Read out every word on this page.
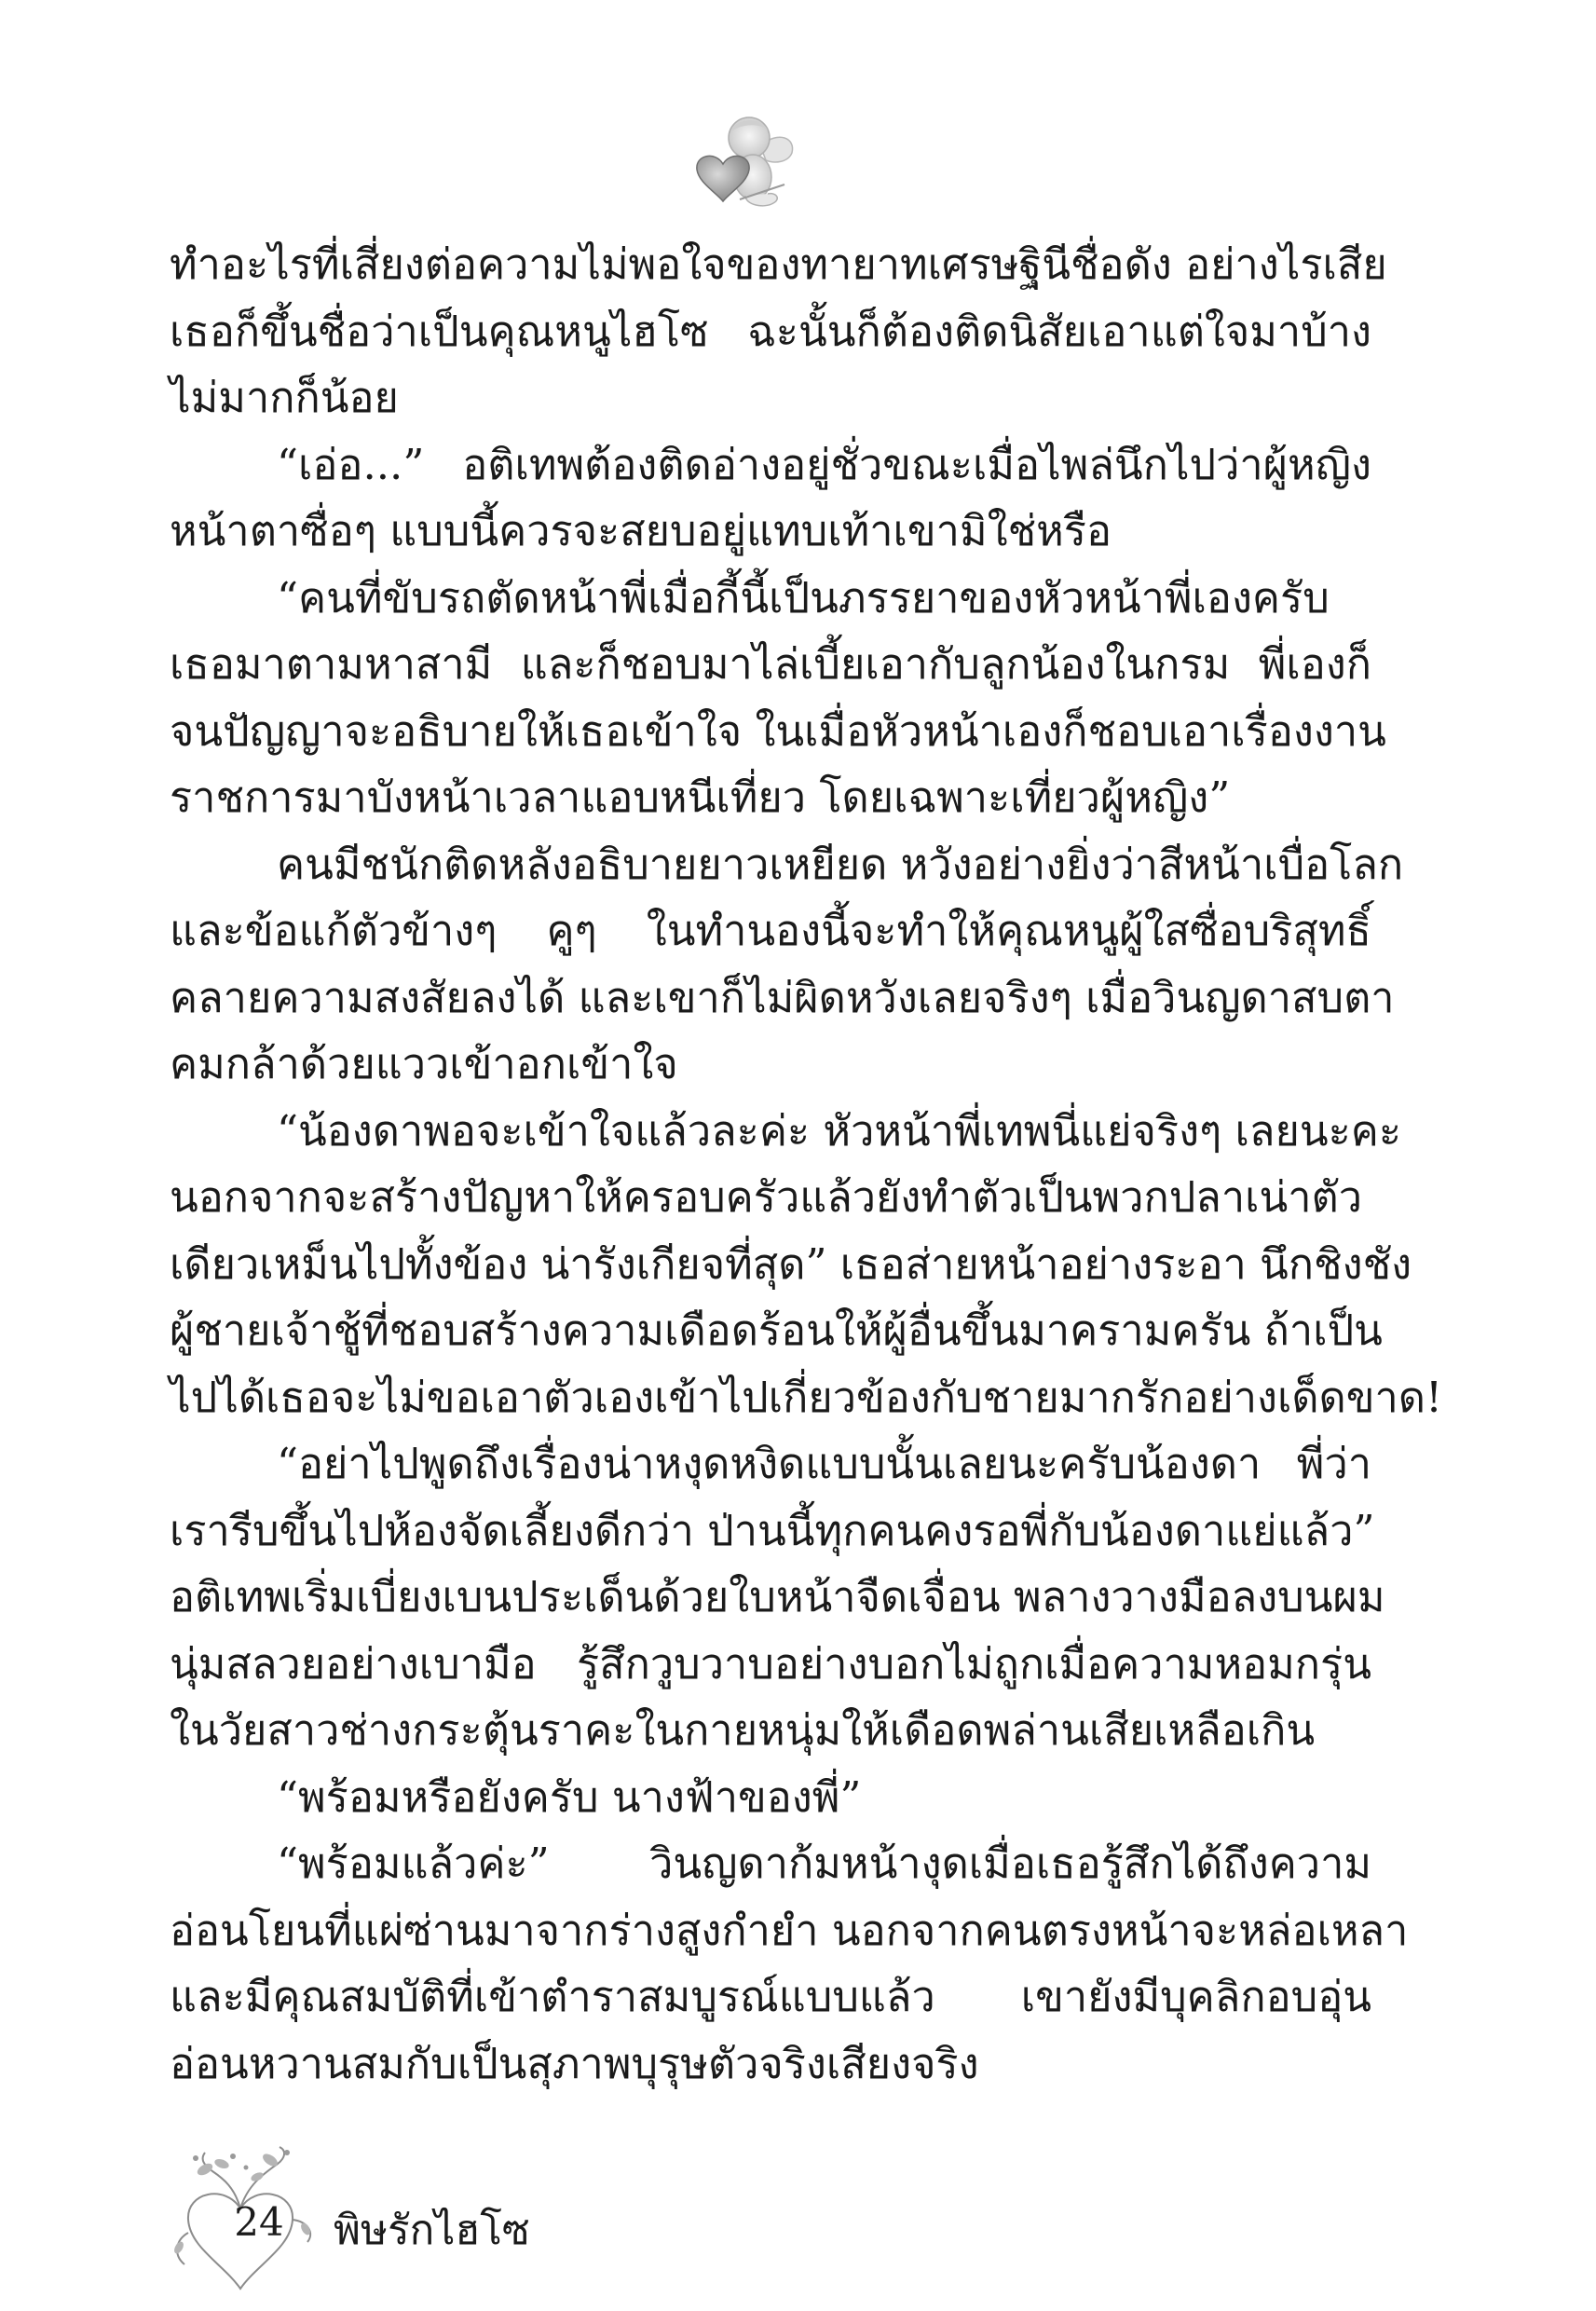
ทำอะไรที่เสี่ยงต่อความไม่พอใจของทายาทเศรษฐินีชื่อดัง อย่างไรเสีย
เธอก็ขึ้นชื่อว่าเป็นคุณหนูไฮโซ ฉะนั้นก็ต้องติดนิสัยเอาแต่ใจมาบ้าง
ไม่มากก็น้อย
“เอ่อ...” อติเทพต้องติดอ่างอยู่ชั่วขณะเมื่อไพล่นึกไปว่าผู้หญิง
หน้าตาซื่อๆ แบบนี้ควรจะสยบอยู่แทบเท้าเขามิใช่หรือ
“คนที่ขับรถตัดหน้าพี่เมื่อกี้นี้เป็นภรรยาของหัวหน้าพี่เองครับ
เธอมาตามหาสามี และก็ชอบมาไล่เบี้ยเอากับลูกน้องในกรม พี่เองก็
จนปัญญาจะอธิบายให้เธอเข้าใจ ในเมื่อหัวหน้าเองก็ชอบเอาเรื่องงาน
ราชการมาบังหน้าเวลาแอบหนีเที่ยว โดยเฉพาะเที่ยวผู้หญิง”
คนมีชนักติดหลังอธิบายยาวเหยียด หวังอย่างยิ่งว่าสีหน้าเบื่อโลก
และข้อแก้ตัวข้างๆ คูๆ ในทำนองนี้จะทำให้คุณหนูผู้ใสซื่อบริสุทธิ์
คลายความสงสัยลงได้ และเขาก็ไม่ผิดหวังเลยจริงๆ เมื่อวินญดาสบตา
คมกล้าด้วยแววเข้าอกเข้าใจ
“น้องดาพอจะเข้าใจแล้วละค่ะ หัวหน้าพี่เทพนี่แย่จริงๆ เลยนะคะ
นอกจากจะสร้างปัญหาให้ครอบครัวแล้วยังทำตัวเป็นพวกปลาเน่าตัว
เดียวเหม็นไปทั้งข้อง น่ารังเกียจที่สุด” เธอส่ายหน้าอย่างระอา นึกชิงชัง
ผู้ชายเจ้าชู้ที่ชอบสร้างความเดือดร้อนให้ผู้อื่นขึ้นมาครามครัน ถ้าเป็น
ไปได้เธอจะไม่ขอเอาตัวเองเข้าไปเกี่ยวข้องกับชายมากรักอย่างเด็ดขาด!
“อย่าไปพูดถึงเรื่องน่าหงุดหงิดแบบนั้นเลยนะครับน้องดา พี่ว่า
เรารีบขึ้นไปห้องจัดเลี้ยงดีกว่า ป่านนี้ทุกคนคงรอพี่กับน้องดาแย่แล้ว”
อติเทพเริ่มเบี่ยงเบนประเด็นด้วยใบหน้าจืดเจื่อน พลางวางมือลงบนผม
นุ่มสลวยอย่างเบามือ รู้สึกวูบวาบอย่างบอกไม่ถูกเมื่อความหอมกรุ่น
ในวัยสาวช่างกระตุ้นราคะในกายหนุ่มให้เดือดพล่านเสียเหลือเกิน
“พร้อมหรือยังครับ นางฟ้าของพี่”
“พร้อมแล้วค่ะ” วินญดาก้มหน้างุดเมื่อเธอรู้สึกได้ถึงความ
อ่อนโยนที่แผ่ซ่านมาจากร่างสูงกำยำ นอกจากคนตรงหน้าจะหล่อเหลา
และมีคุณสมบัติที่เข้าตำราสมบูรณ์แบบแล้ว เขายังมีบุคลิกอบอุ่น
อ่อนหวานสมกับเป็นสุภาพบุรุษตัวจริงเสียงจริง
24	พิษรักไฮโซ
